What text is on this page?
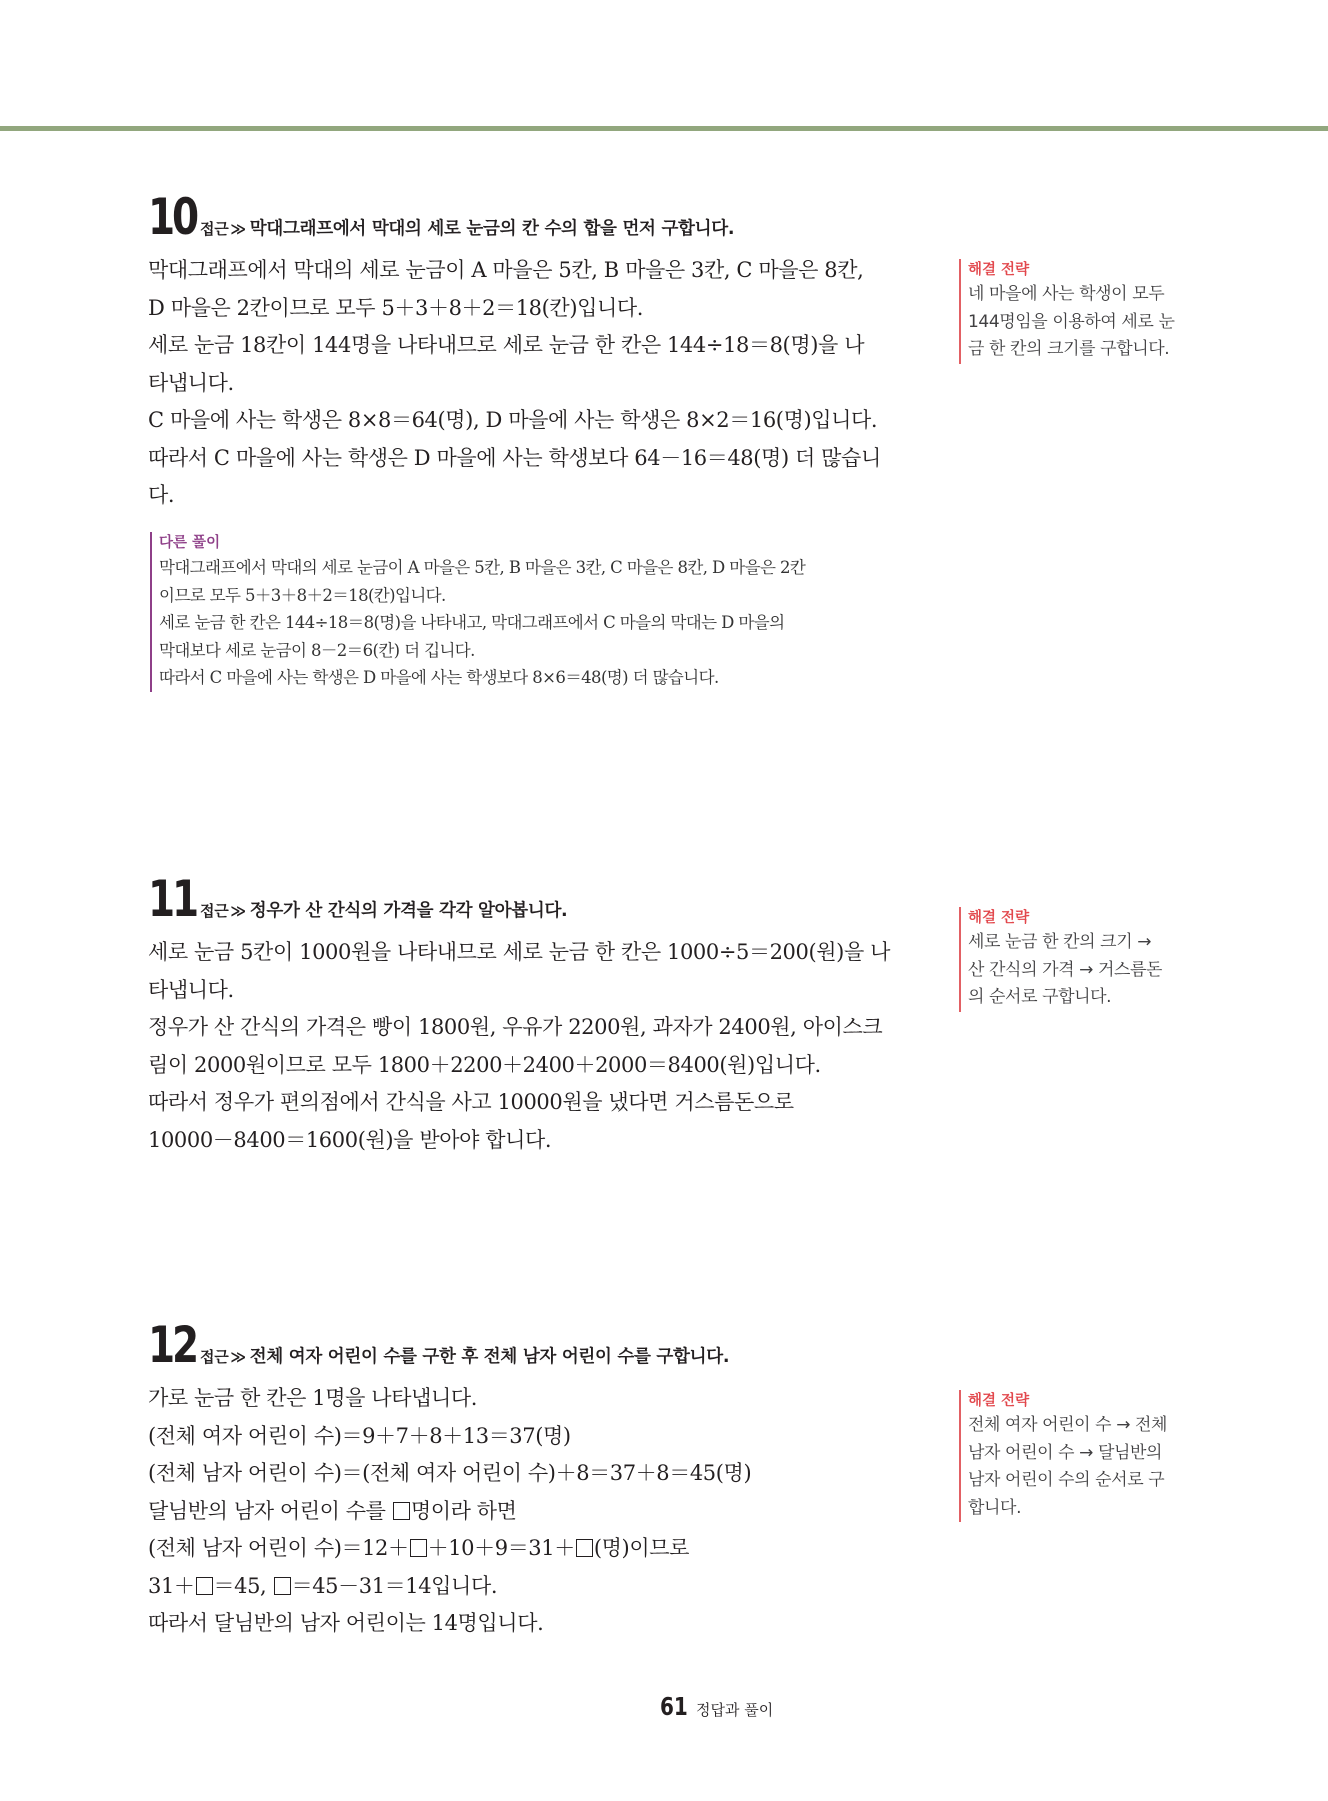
10 접근 ≫ 막대그래프에서 막대의 세로 눈금의 칸 수의 합을 먼저 구합니다.
막대그래프에서 막대의 세로 눈금이 A 마을은 5칸, B 마을은 3칸, C 마을은 8칸,
D 마을은 2칸이므로 모두 5＋3＋8＋2＝18(칸)입니다.
세로 눈금 18칸이 144명을 나타내므로 세로 눈금 한 칸은 144÷18＝8(명)을 나
타냅니다.
C 마을에 사는 학생은 8×8＝64(명), D 마을에 사는 학생은 8×2＝16(명)입니다.
따라서 C 마을에 사는 학생은 D 마을에 사는 학생보다 64－16＝48(명) 더 많습니
다.
다른 풀이
막대그래프에서 막대의 세로 눈금이 A 마을은 5칸, B 마을은 3칸, C 마을은 8칸, D 마을은 2칸
이므로 모두 5＋3＋8＋2＝18(칸)입니다.
세로 눈금 한 칸은 144÷18＝8(명)을 나타내고, 막대그래프에서 C 마을의 막대는 D 마을의
막대보다 세로 눈금이 8－2＝6(칸) 더 깁니다.
따라서 C 마을에 사는 학생은 D 마을에 사는 학생보다 8×6＝48(명) 더 많습니다.
해결 전략
네 마을에 사는 학생이 모두
144명임을 이용하여 세로 눈
금 한 칸의 크기를 구합니다.
11 접근 ≫ 정우가 산 간식의 가격을 각각 알아봅니다.
세로 눈금 5칸이 1000원을 나타내므로 세로 눈금 한 칸은 1000÷5＝200(원)을 나
타냅니다.
정우가 산 간식의 가격은 빵이 1800원, 우유가 2200원, 과자가 2400원, 아이스크
림이 2000원이므로 모두 1800＋2200＋2400＋2000＝8400(원)입니다.
따라서 정우가 편의점에서 간식을 사고 10000원을 냈다면 거스름돈으로
10000－8400＝1600(원)을 받아야 합니다.
해결 전략
세로 눈금 한 칸의 크기 →
산 간식의 가격 → 거스름돈
의 순서로 구합니다.
12 접근 ≫ 전체 여자 어린이 수를 구한 후 전체 남자 어린이 수를 구합니다.
가로 눈금 한 칸은 1명을 나타냅니다.
(전체 여자 어린이 수)＝9＋7＋8＋13＝37(명)
(전체 남자 어린이 수)＝(전체 여자 어린이 수)＋8＝37＋8＝45(명)
달님반의 남자 어린이 수를 명이라 하면
(전체 남자 어린이 수)＝12＋ ＋10＋9＝31＋ (명)이므로
31＋ ＝45, ＝45－31＝14입니다.
따라서 달님반의 남자 어린이는 14명입니다.
해결 전략
전체 여자 어린이 수 → 전체
남자 어린이 수 → 달님반의
남자 어린이 수의 순서로 구
합니다.
61 정답과 풀이
